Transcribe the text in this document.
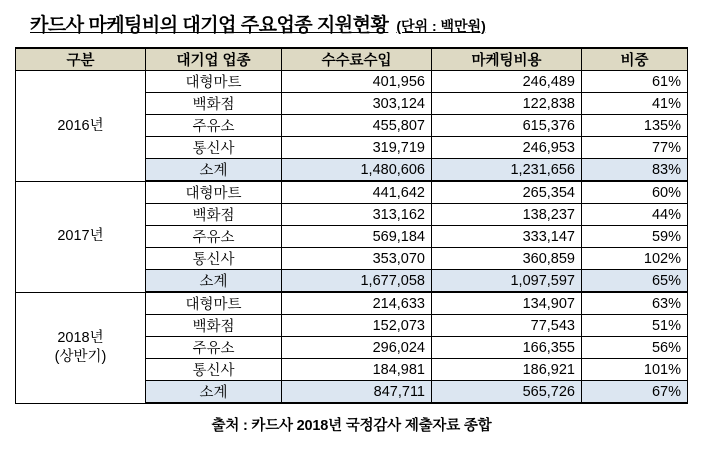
카드사 마케팅비의 대기업 주요업종 지원현황 (단위 : 백만원)
구분	대기업 업종	수수료수입	마케팅비용	비중
2016년	대형마트	401,956	246,489	61%
	백화점	303,124	122,838	41%
	주유소	455,807	615,376	135%
	통신사	319,719	246,953	77%
	소계	1,480,606	1,231,656	83%
2017년	대형마트	441,642	265,354	60%
	백화점	313,162	138,237	44%
	주유소	569,184	333,147	59%
	통신사	353,070	360,859	102%
	소계	1,677,058	1,097,597	65%

2018년
(상반기)	대형마트	214,633	134,907	63%
	백화점	152,073	77,543	51%
	주유소	296,024	166,355	56%
	통신사	184,981	186,921	101%
	소계	847,711	565,726	67%
출처 : 카드사 2018년 국정감사 제출자료 종합
